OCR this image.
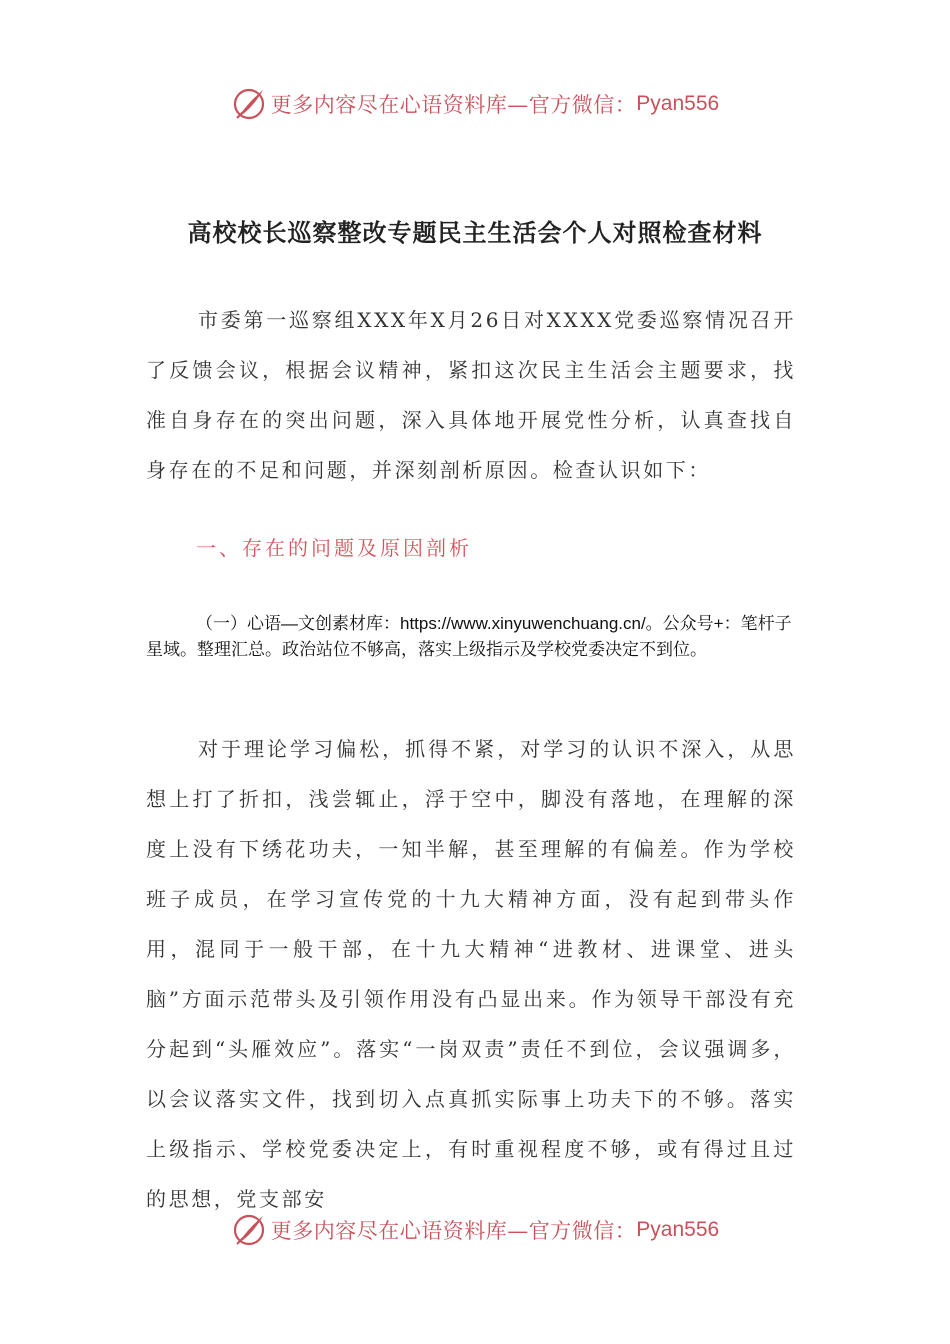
更多内容尽在心语资料库—官方微信： Pyan556
高校校长巡察整改专题民主生活会个人对照检查材料

市委第一巡察组XXX年X月26日对XXXX党委巡察情况召开了反馈会议，根据会议精神，紧扣这次民主生活会主题要求，找准自身存在的突出问题，深入具体地开展党性分析，认真查找自身存在的不足和问题，并深刻剖析原因。检查认识如下：

一、存在的问题及原因剖析

（一）心语—文创素材库：https://www.xinyuwenchuang.cn/。公众号+：笔杆子星域。整理汇总。政治站位不够高，落实上级指示及学校党委决定不到位。

对于理论学习偏松，抓得不紧，对学习的认识不深入，从思想上打了折扣，浅尝辄止，浮于空中，脚没有落地，在理解的深度上没有下绣花功夫，一知半解，甚至理解的有偏差。作为学校班子成员，在学习宣传党的十九大精神方面，没有起到带头作用，混同于一般干部，在十九大精神“进教材、进课堂、进头脑”方面示范带头及引领作用没有凸显出来。作为领导干部没有充分起到“头雁效应”。落实“一岗双责”责任不到位，会议强调多，以会议落实文件，找到切入点真抓实际事上功夫下的不够。落实上级指示、学校党委决定上，有时重视程度不够，或有得过且过的思想，党支部安

更多内容尽在心语资料库—官方微信： Pyan556
